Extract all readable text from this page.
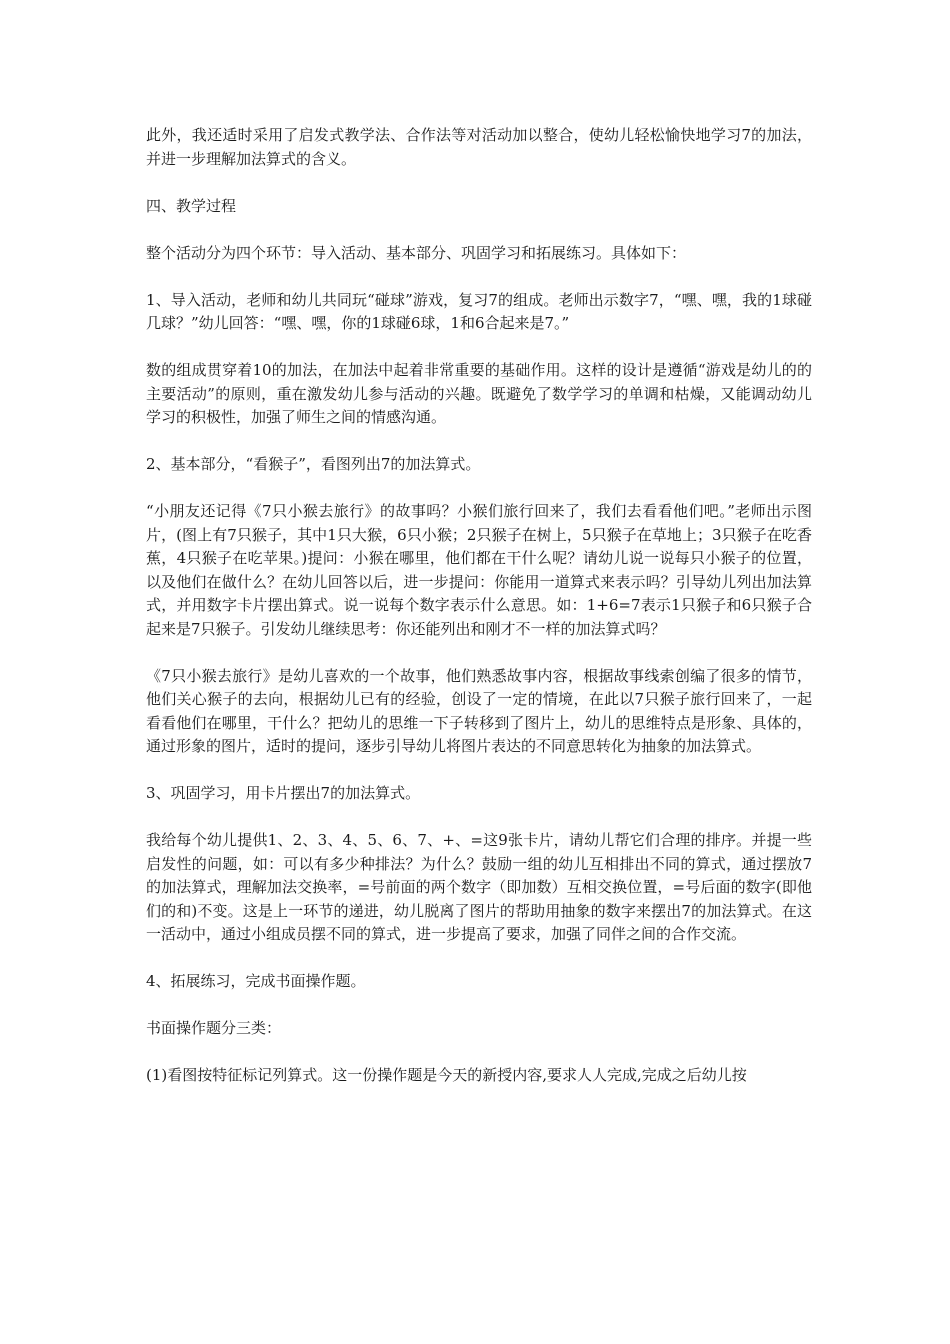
此外，我还适时采用了启发式教学法、合作法等对活动加以整合，使幼儿轻松愉快地学习7的加法，并进一步理解加法算式的含义。

四、教学过程

整个活动分为四个环节：导入活动、基本部分、巩固学习和拓展练习。具体如下：

1、导入活动，老师和幼儿共同玩“碰球”游戏，复习7的组成。老师出示数字7，“嘿、嘿，我的1球碰几球？”幼儿回答：“嘿、嘿，你的1球碰6球，1和6合起来是7。”

数的组成贯穿着10的加法，在加法中起着非常重要的基础作用。这样的设计是遵循“游戏是幼儿的的主要活动”的原则，重在激发幼儿参与活动的兴趣。既避免了数学学习的单调和枯燥，又能调动幼儿学习的积极性，加强了师生之间的情感沟通。

2、基本部分，“看猴子”，看图列出7的加法算式。

“小朋友还记得《7只小猴去旅行》的故事吗？小猴们旅行回来了，我们去看看他们吧。”老师出示图片，(图上有7只猴子，其中1只大猴，6只小猴；2只猴子在树上，5只猴子在草地上；3只猴子在吃香蕉，4只猴子在吃苹果。)提问：小猴在哪里，他们都在干什么呢？请幼儿说一说每只小猴子的位置，以及他们在做什么？在幼儿回答以后，进一步提问：你能用一道算式来表示吗？引导幼儿列出加法算式，并用数字卡片摆出算式。说一说每个数字表示什么意思。如：1+6=7表示1只猴子和6只猴子合起来是7只猴子。引发幼儿继续思考：你还能列出和刚才不一样的加法算式吗？

《7只小猴去旅行》是幼儿喜欢的一个故事，他们熟悉故事内容，根据故事线索创编了很多的情节，他们关心猴子的去向，根据幼儿已有的经验，创设了一定的情境，在此以7只猴子旅行回来了，一起看看他们在哪里，干什么？把幼儿的思维一下子转移到了图片上，幼儿的思维特点是形象、具体的，通过形象的图片，适时的提问，逐步引导幼儿将图片表达的不同意思转化为抽象的加法算式。

3、巩固学习，用卡片摆出7的加法算式。

我给每个幼儿提供1、2、3、4、5、6、7、+、=这9张卡片，请幼儿帮它们合理的排序。并提一些启发性的问题，如：可以有多少种排法？为什么？鼓励一组的幼儿互相排出不同的算式，通过摆放7的加法算式，理解加法交换率，=号前面的两个数字（即加数）互相交换位置，=号后面的数字(即他们的和)不变。这是上一环节的递进，幼儿脱离了图片的帮助用抽象的数字来摆出7的加法算式。在这一活动中，通过小组成员摆不同的算式，进一步提高了要求，加强了同伴之间的合作交流。

4、拓展练习，完成书面操作题。

书面操作题分三类：

(1)看图按特征标记列算式。这一份操作题是今天的新授内容,要求人人完成,完成之后幼儿按
